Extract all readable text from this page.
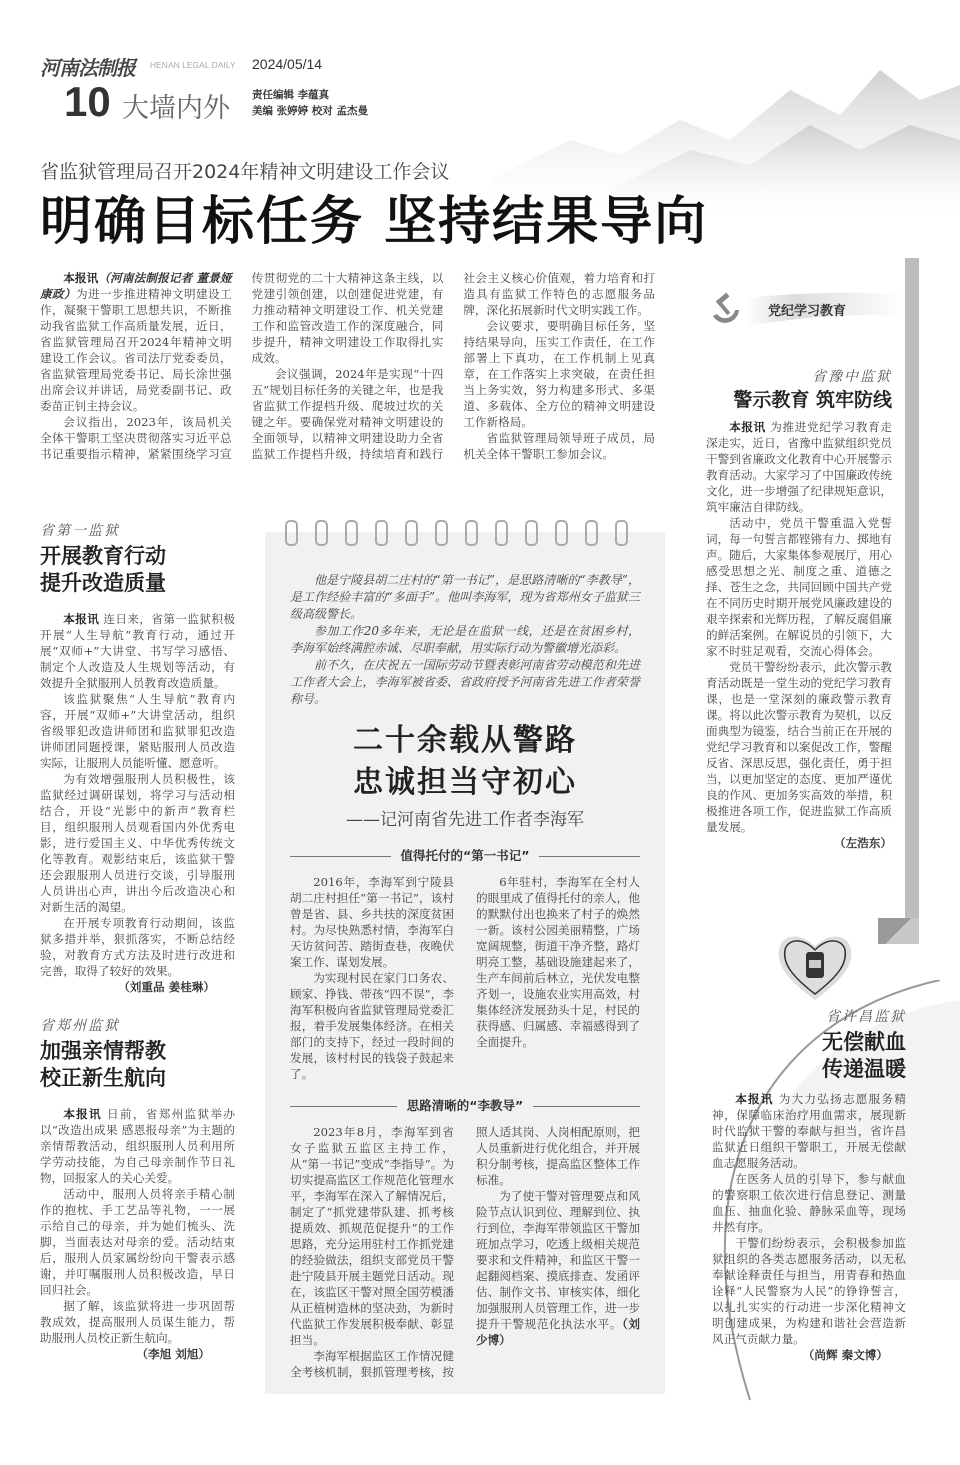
河南法制报 HENAN LEGAL DAILY 2024/05/14
10 大墙内外 责任编辑 李蕴真
美编 张婷婷 校对 孟杰曼
省监狱管理局召开2024年精神文明建设工作会议
明确目标任务 坚持结果导向

本报讯（河南法制报记者 董景娅 康政）为进一步推进精神文明建设工作，凝聚干警职工思想共识，不断推动我省监狱工作高质量发展，近日，省监狱管理局召开2024年精神文明建设工作会议。省司法厅党委委员，省监狱管理局党委书记、局长涂世强出席会议并讲话，局党委副书记、政委苗正钊主持会议。

会议指出，2023年，该局机关全体干警职工坚决贯彻落实习近平总书记重要指示精神，紧紧围绕学习宣传贯彻党的二十大精神这条主线，以党建引领创建，以创建促进党建，有力推动精神文明建设工作、机关党建工作和监管改造工作的深度融合，同步提升，精神文明建设工作取得扎实成效。

会议强调，2024年是实现“十四五”规划目标任务的关键之年，也是我省监狱工作提档升级、爬坡过坎的关键之年。要确保党对精神文明建设的全面领导，以精神文明建设助力全省监狱工作提档升级，持续培育和践行社会主义核心价值观，着力培育和打造具有监狱工作特色的志愿服务品牌，深化拓展新时代文明实践工作。

会议要求，要明确目标任务，坚持结果导向，压实工作责任，在工作部署上下真功，在工作机制上见真章，在工作落实上求突破，在责任担当上务实效，努力构建多形式、多渠道、多载体、全方位的精神文明建设工作新格局。

省监狱管理局领导班子成员，局机关全体干警职工参加会议。

省第一监狱
开展教育行动
提升改造质量

本报讯 连日来，省第一监狱积极开展“人生导航”教育行动，通过开展“双师+”大讲堂、书写学习感悟、制定个人改造及人生规划等活动，有效提升全狱服刑人员教育改造质量。

该监狱聚焦“人生导航”教育内容，开展“双师+”大讲堂活动，组织省级罪犯改造讲师团和监狱罪犯改造讲师团同题授课，紧贴服刑人员改造实际，让服刑人员能听懂、愿意听。

为有效增强服刑人员积极性，该监狱经过调研谋划，将学习与活动相结合，开设“光影中的新声”教育栏目，组织服刑人员观看国内外优秀电影，进行爱国主义、中华优秀传统文化等教育。观影结束后，该监狱干警还会跟服刑人员进行交谈，引导服刑人员讲出心声，讲出今后改造决心和对新生活的渴望。

在开展专项教育行动期间，该监狱多措并举，狠抓落实，不断总结经验，对教育方式方法及时进行改进和完善，取得了较好的效果。

（刘重品 姜桂琳）
省郑州监狱
加强亲情帮教
校正新生航向

本报讯 日前，省郑州监狱举办以“改造出成果 感恩报母亲”为主题的亲情帮教活动，组织服刑人员利用所学劳动技能，为自己母亲制作节日礼物，回报家人的关心关爱。

活动中，服刑人员将亲手精心制作的抱枕、手工艺品等礼物，一一展示给自己的母亲，并为她们梳头、洗脚，当面表达对母亲的爱。活动结束后，服刑人员家属纷纷向干警表示感谢，并叮嘱服刑人员积极改造，早日回归社会。

据了解，该监狱将进一步巩固帮教成效，提高服刑人员谋生能力，帮助服刑人员校正新生航向。

（李旭 刘旭）
党纪学习教育
省豫中监狱
警示教育 筑牢防线

本报讯 为推进党纪学习教育走深走实，近日，省豫中监狱组织党员干警到省廉政文化教育中心开展警示教育活动。大家学习了中国廉政传统文化，进一步增强了纪律规矩意识，筑牢廉洁自律防线。

活动中，党员干警重温入党誓词，每一句誓言都铿锵有力、掷地有声。随后，大家集体参观展厅，用心感受思想之光、制度之重、道德之择、苍生之念，共同回顾中国共产党在不同历史时期开展党风廉政建设的艰辛探索和光辉历程，了解反腐倡廉的鲜活案例。在解说员的引领下，大家不时驻足观看，交流心得体会。

党员干警纷纷表示，此次警示教育活动既是一堂生动的党纪学习教育课，也是一堂深刻的廉政警示教育课。将以此次警示教育为契机，以反面典型为镜鉴，结合当前正在开展的党纪学习教育和以案促改工作，警醒反省、深思反思，强化责任，勇于担当，以更加坚定的态度、更加严谨优良的作风、更加务实高效的举措，积极推进各项工作，促进监狱工作高质量发展。

（左浩东）

他是宁陵县胡二庄村的“第一书记”，是思路清晰的“李教导”，是工作经验丰富的“多面手”。他叫李海军，现为省郑州女子监狱三级高级警长。

参加工作20多年来，无论是在监狱一线，还是在贫困乡村，李海军始终满腔赤诚、尽职奉献，用实际行动为警徽增光添彩。

前不久，在庆祝五一国际劳动节暨表彰河南省劳动模范和先进工作者大会上，李海军被省委、省政府授予河南省先进工作者荣誉称号。

二十余载从警路
忠诚担当守初心
——记河南省先进工作者李海军
值得托付的“第一书记”

2016年，李海军到宁陵县胡二庄村担任“第一书记”，该村曾是省、县、乡共扶的深度贫困村。为尽快熟悉村情，李海军白天访贫问苦、踏街查巷，夜晚伏案工作、谋划发展。

为实现村民在家门口务农、顾家、挣钱、带孩“四不误”，李海军积极向省监狱管理局党委汇报，着手发展集体经济。在相关部门的支持下，经过一段时间的发展，该村村民的钱袋子鼓起来了。

6年驻村，李海军在全村人的眼里成了值得托付的亲人，他的默默付出也换来了村子的焕然一新。该村公园美丽精整，广场宽阔规整，街道干净齐整，路灯明亮工整，基础设施建起来了，生产车间前后林立，光伏发电整齐划一，设施农业实用高效，村集体经济发展劲头十足，村民的获得感、归属感、幸福感得到了全面提升。

思路清晰的“李教导”

2023年8月，李海军到省女子监狱五监区主持工作，从“第一书记”变成“李指导”。为切实提高监区工作规范化管理水平，李海军在深入了解情况后，制定了“抓党建带队建、抓考核提质效、抓规范促提升”的工作思路，充分运用驻村工作抓党建的经验做法，组织支部党员干警赴宁陵县开展主题党日活动。现在，该监区干警对照全国劳模潘从正植树造林的坚决劲，为新时代监狱工作发展积极奉献、彰显担当。

李海军根据监区工作情况健全考核机制，狠抓管理考核，按照人适其岗、人岗相配原则，把人员重新进行优化组合，并开展积分制考核，提高监区整体工作标准。

为了使干警对管理要点和风险节点认识到位、理解到位、执行到位，李海军带领监区干警加班加点学习，吃透上级相关规范要求和文件精神，和监区干警一起翻阅档案、摸底排查、发函评估、制作文书、审核实体，细化加强服刑人员管理工作，进一步提升干警规范化执法水平。（刘少博）

省许昌监狱
无偿献血
传递温暖

本报讯 为大力弘扬志愿服务精神，保障临床治疗用血需求，展现新时代监狱干警的奉献与担当，省许昌监狱近日组织干警职工，开展无偿献血志愿服务活动。

在医务人员的引导下，参与献血的警察职工依次进行信息登记、测量血压、抽血化验、静脉采血等，现场井然有序。

干警们纷纷表示，会积极参加监狱组织的各类志愿服务活动，以无私奉献诠释责任与担当，用青春和热血诠释“人民警察为人民”的铮铮誓言，以扎扎实实的行动进一步深化精神文明创建成果，为构建和谐社会营造新风正气贡献力量。

（尚辉 秦文博）
